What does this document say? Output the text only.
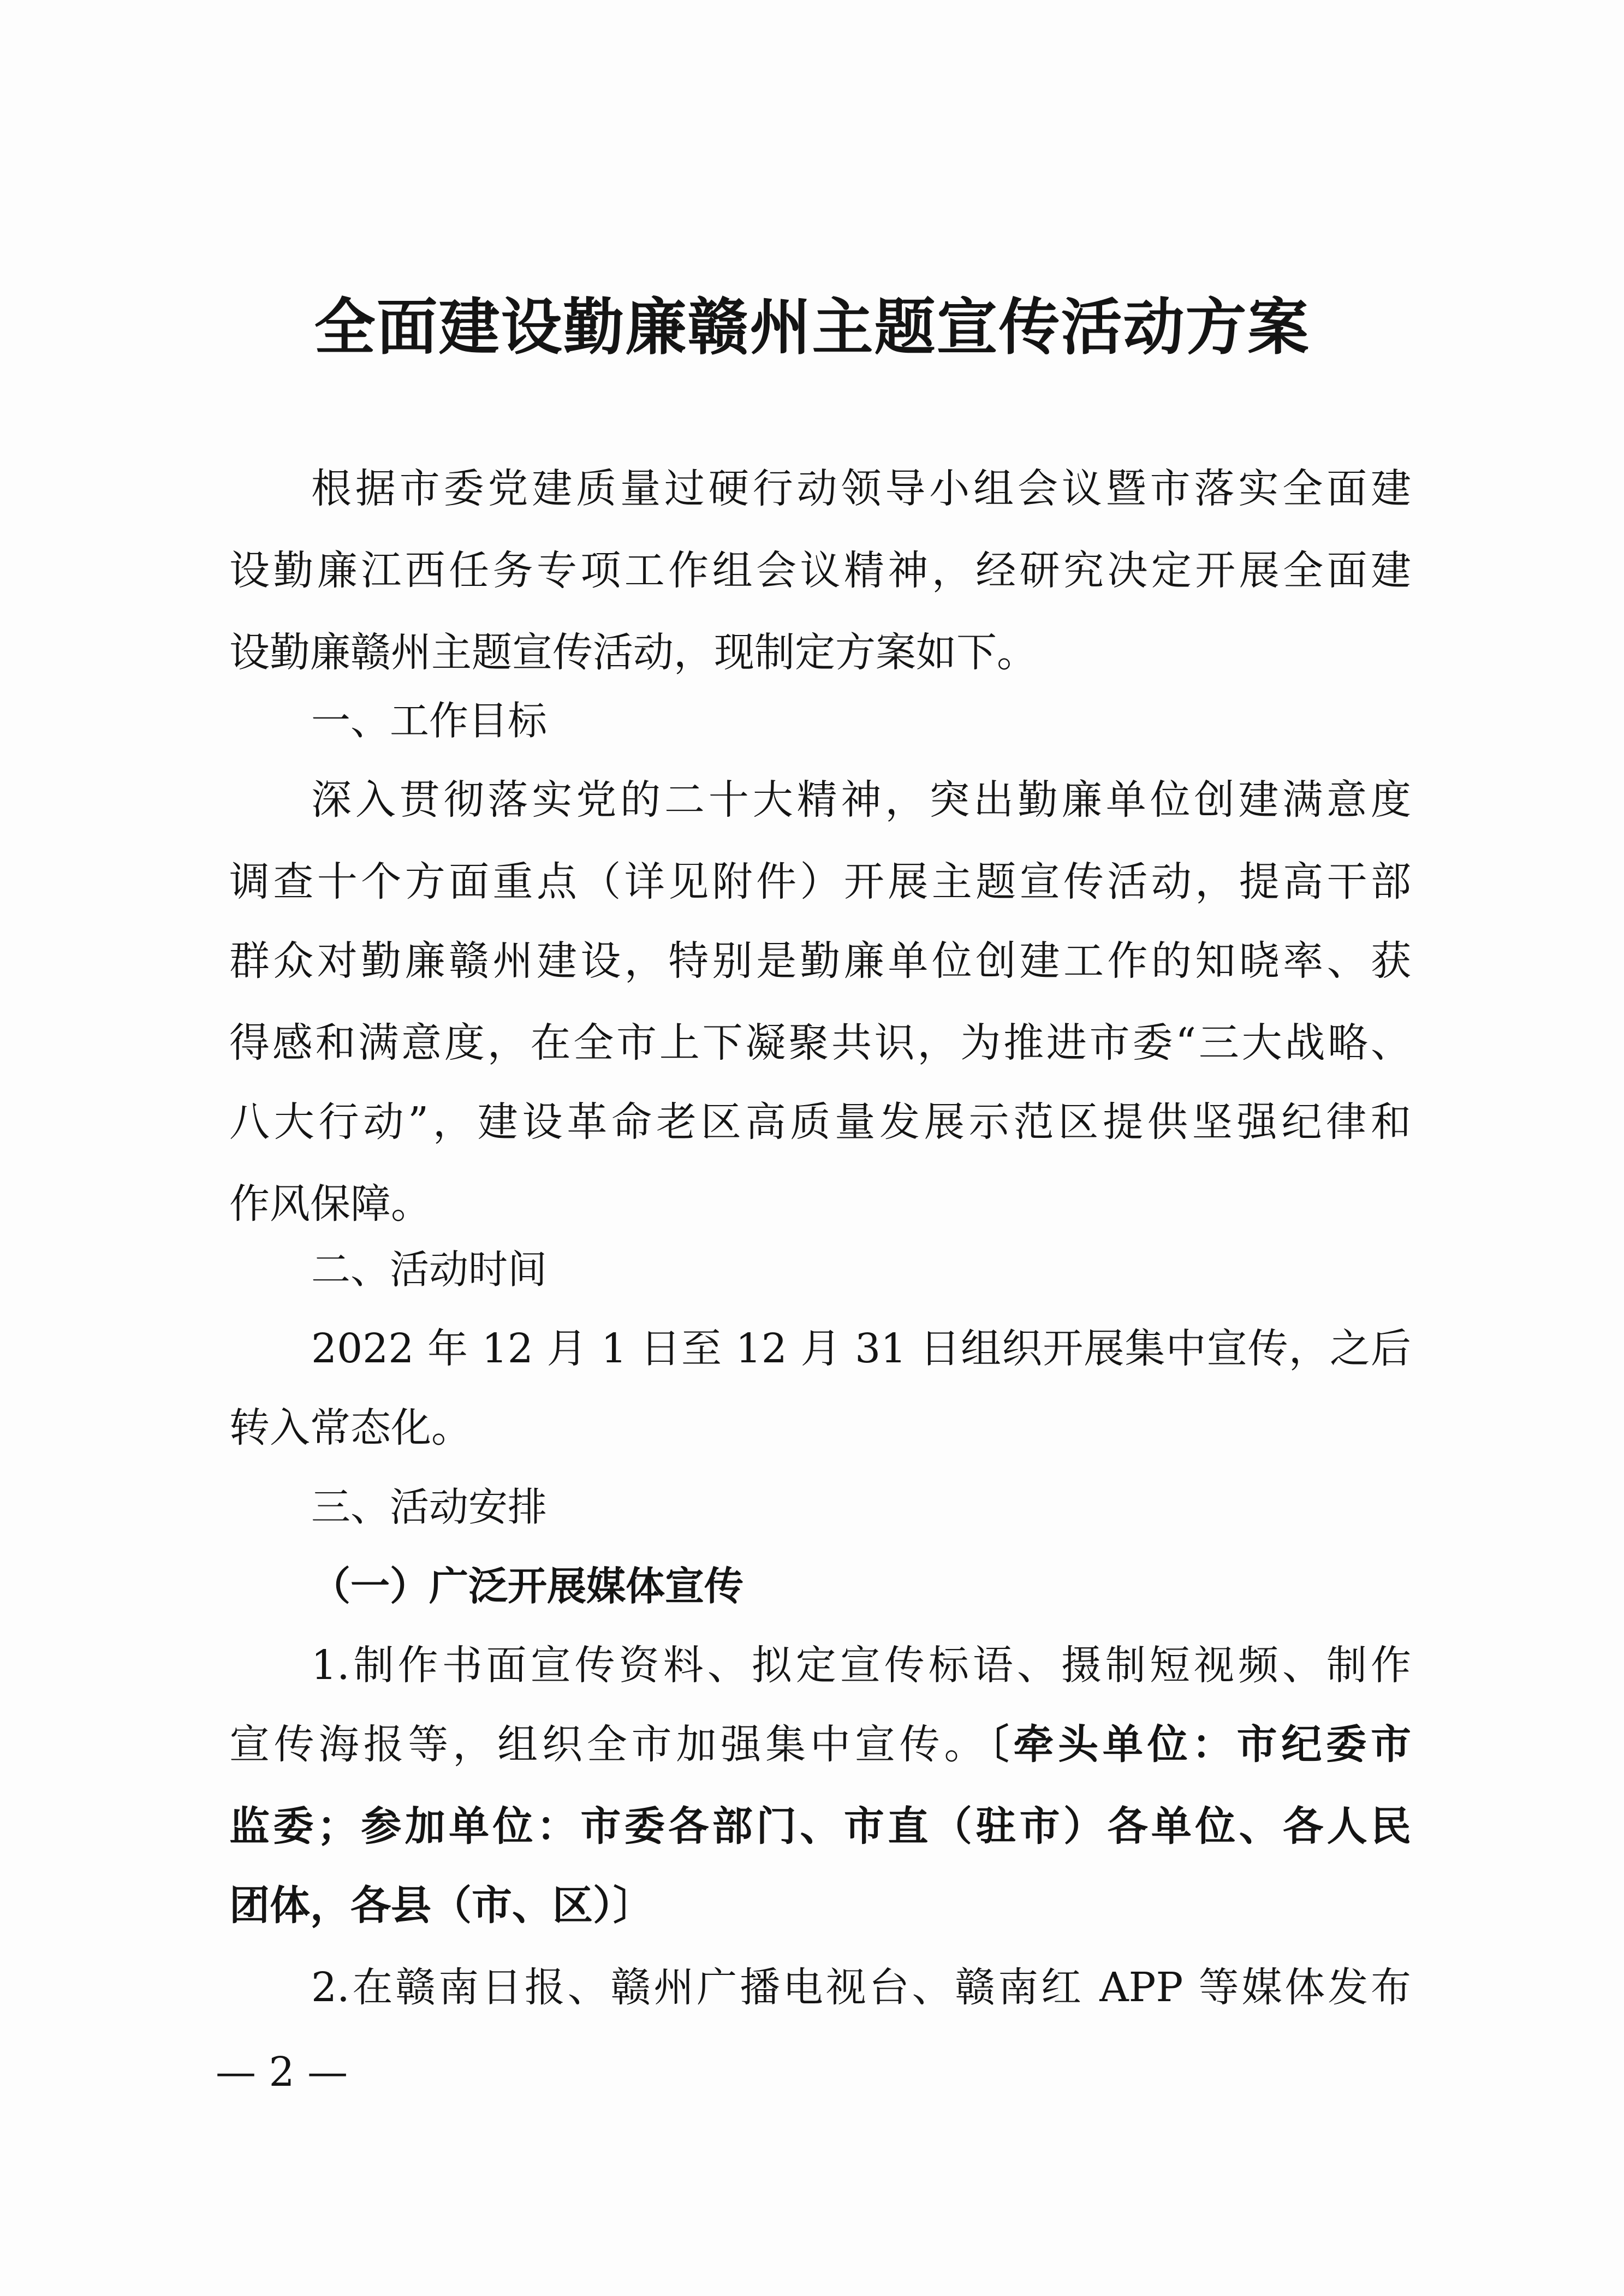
全面建设勤廉赣州主题宣传活动方案
根据市委党建质量过硬行动领导小组会议暨市落实全面建
设勤廉江西任务专项工作组会议精神，经研究决定开展全面建
设勤廉赣州主题宣传活动，现制定方案如下。
一、工作目标
深入贯彻落实党的二十大精神，突出勤廉单位创建满意度
调查十个方面重点（详见附件）开展主题宣传活动，提高干部
群众对勤廉赣州建设，特别是勤廉单位创建工作的知晓率、获
得感和满意度，在全市上下凝聚共识，为推进市委“三大战略、
八大行动”，建设革命老区高质量发展示范区提供坚强纪律和
作风保障。
二、活动时间
2022 年 12 月 1 日至 12 月 31 日组织开展集中宣传，之后
转入常态化。
三、活动安排
（一）广泛开展媒体宣传
1.制作书面宣传资料、拟定宣传标语、摄制短视频、制作
宣传海报等，组织全市加强集中宣传。〔牵头单位：市纪委市
监委；参加单位：市委各部门、市直（驻市）各单位、各人民
团体，各县（市、区）〕
2.在赣南日报、赣州广播电视台、赣南红 APP 等媒体发布
— 2 —
